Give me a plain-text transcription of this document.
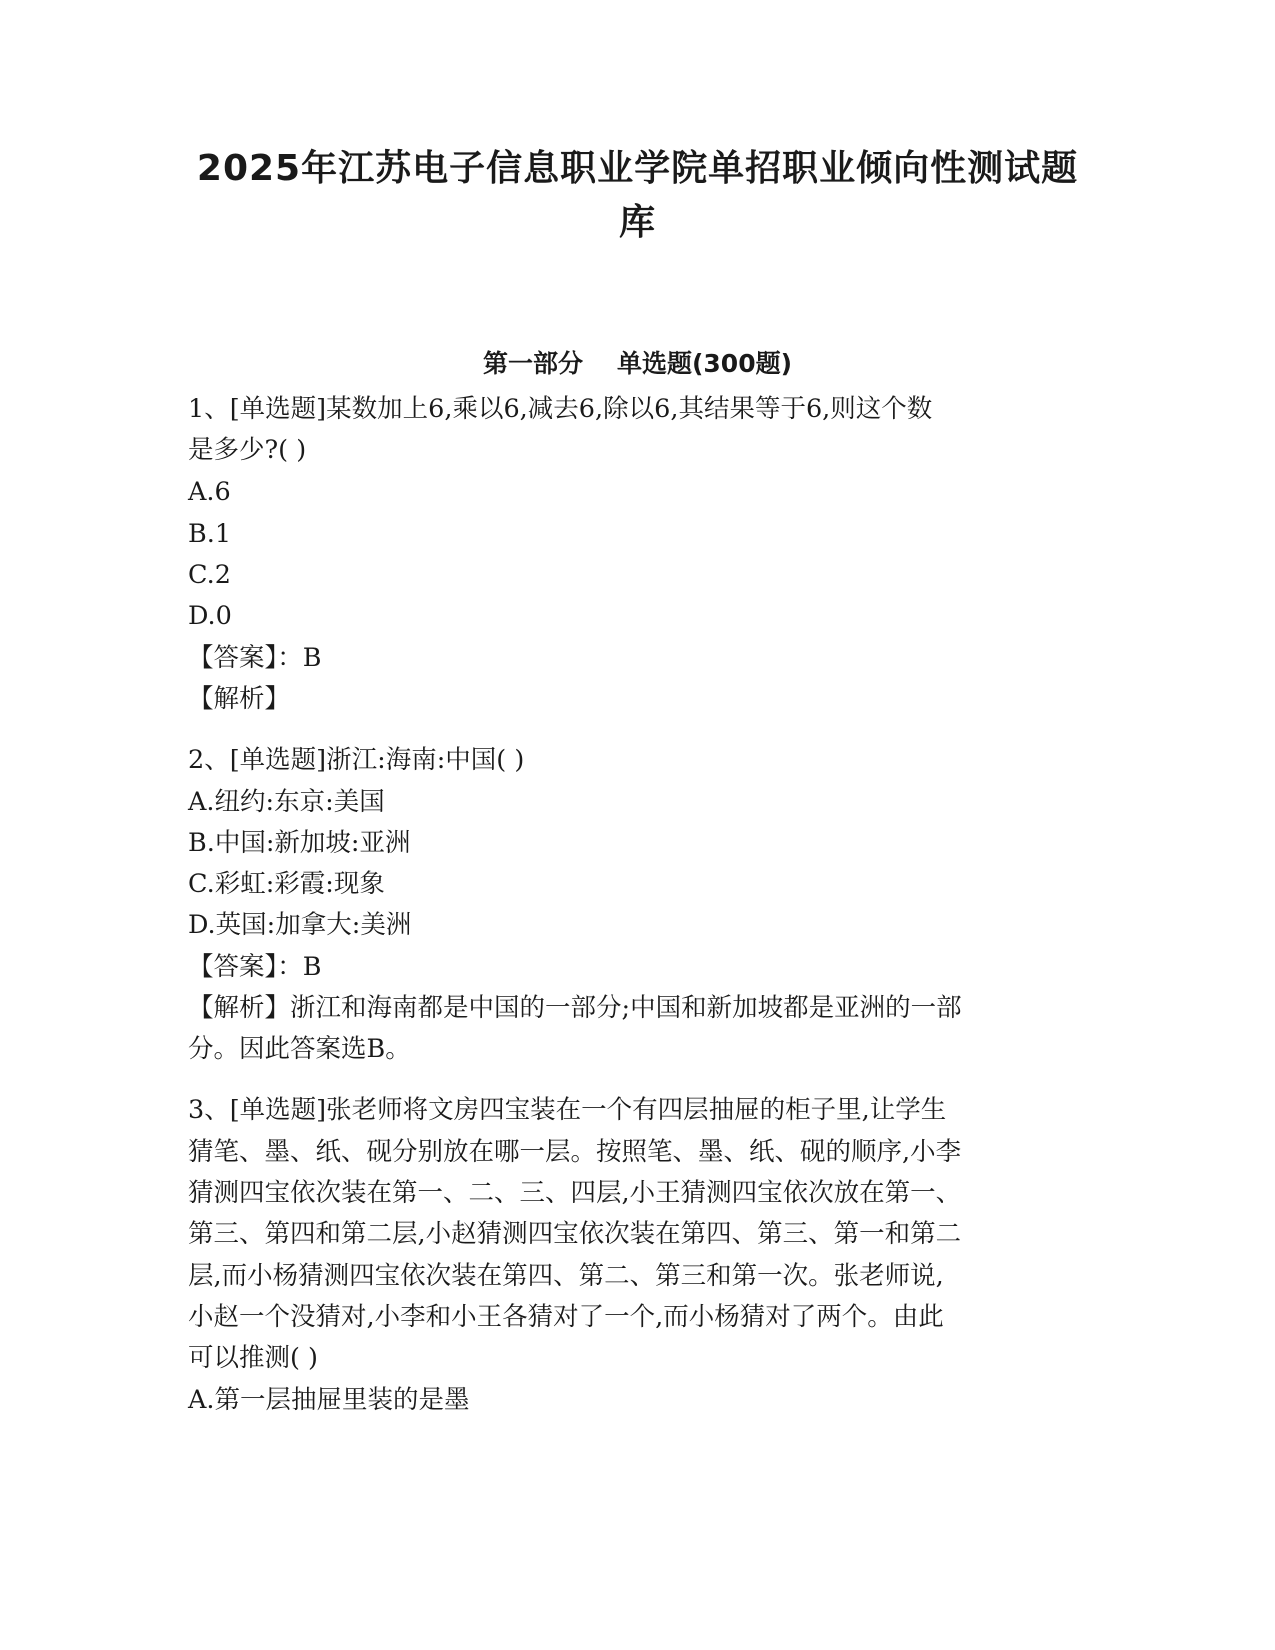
2025年江苏电子信息职业学院单招职业倾向性测试题
库
第一部分 单选题(300题)
1、[单选题]某数加上6,乘以6,减去6,除以6,其结果等于6,则这个数
是多少?( )
A.6
B.1
C.2
D.0
【答案】：B
【解析】
2、[单选题]浙江:海南:中国( )
A.纽约:东京:美国
B.中国:新加坡:亚洲
C.彩虹:彩霞:现象
D.英国:加拿大:美洲
【答案】：B
【解析】浙江和海南都是中国的一部分;中国和新加坡都是亚洲的一部
分。因此答案选B。
3、[单选题]张老师将文房四宝装在一个有四层抽屉的柜子里,让学生
猜笔、墨、纸、砚分别放在哪一层。按照笔、墨、纸、砚的顺序,小李
猜测四宝依次装在第一、二、三、四层,小王猜测四宝依次放在第一、
第三、第四和第二层,小赵猜测四宝依次装在第四、第三、第一和第二
层,而小杨猜测四宝依次装在第四、第二、第三和第一次。张老师说,
小赵一个没猜对,小李和小王各猜对了一个,而小杨猜对了两个。由此
可以推测( )
A.第一层抽屉里装的是墨
